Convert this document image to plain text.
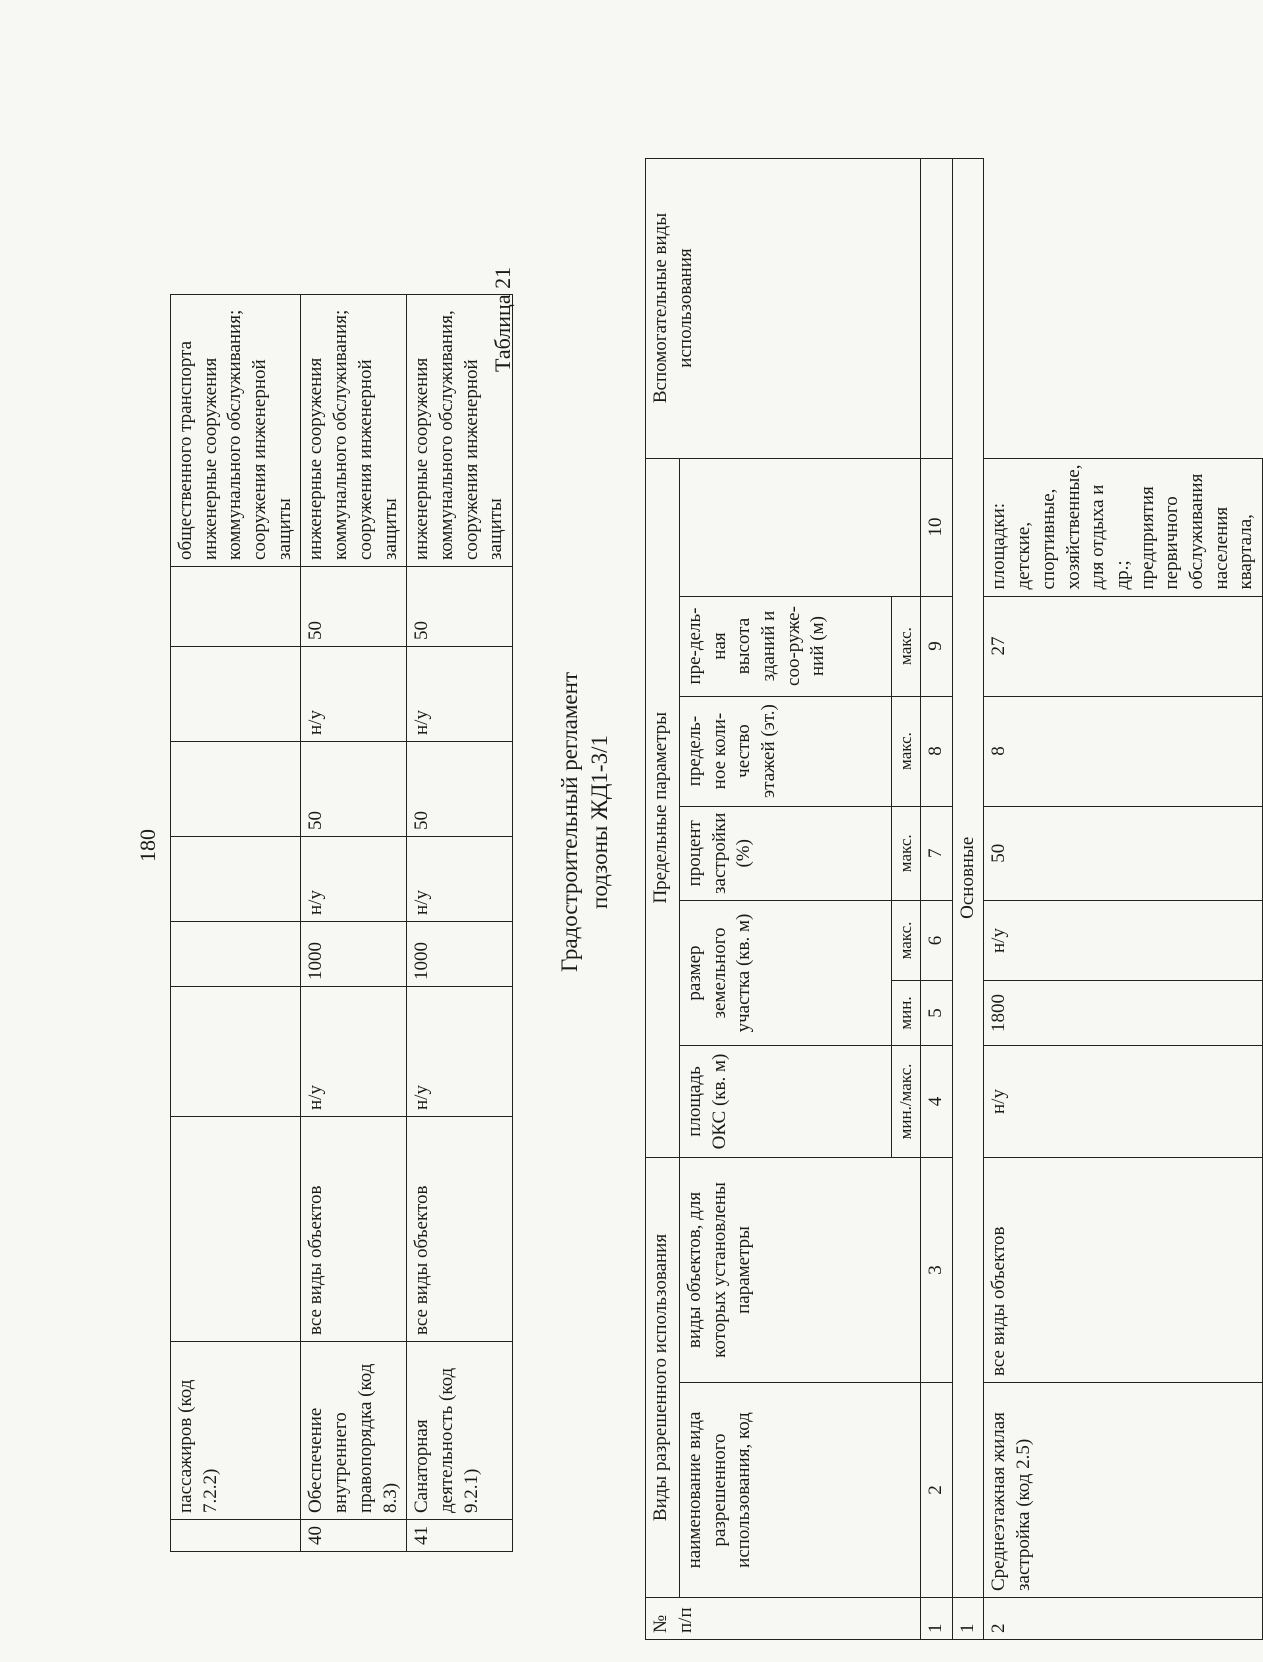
180
	пассажиров (код 7.2.2)								общественного транспорта инженерные сооружения коммунального обслуживания; сооружения инженерной защиты
40	Обеспечение внутреннего правопорядка (код 8.3)	все виды объектов	н/у	1000	н/у	50	н/у	50	инженерные сооружения коммунального обслуживания; сооружения инженерной защиты
41	Санаторная деятельность (код 9.2.1)	все виды объектов	н/у	1000	н/у	50	н/у	50	инженерные сооружения коммунального обслуживания, сооружения инженерной защиты
Таблица 21
Градостроительный регламент подзоны ЖД1-3/1
№ п/п	Виды разрешенного использования		Предельные параметры							Вспомогательные виды использования
	наименование вида разрешенного использования, код	виды объектов, для которых установлены параметры	площадь ОКС (кв. м)	размер земельного участка (кв. м)		процент застройки (%)	предель-ное коли-чество этажей (эт.)	пре-дель-ная высота зданий и соо-руже-ний (м)		
			мин./макс.	мин.	макс.	макс.	макс.	макс.		
1	2	3	4	5	6	7	8	9	10	
1	Основные									
2	Среднеэтажная жилая застройка (код 2.5)	все виды объектов	н/у	1800	н/у	50	8	27	площадки: детские, спортивные, хозяйственные, для отдыха и др.; предприятия первичного обслуживания населения квартала,	
